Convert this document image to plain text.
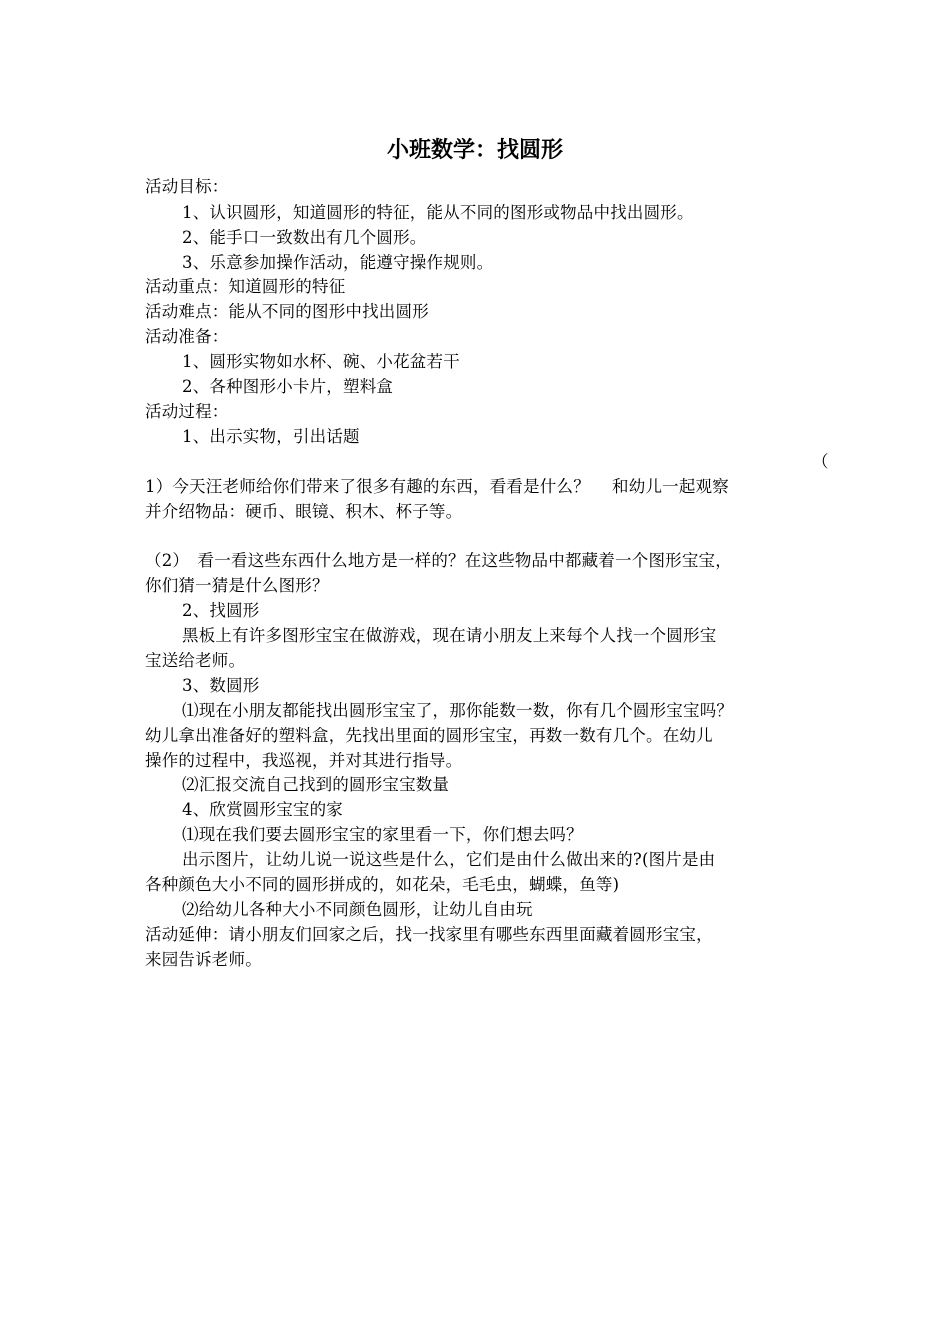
小班数学：找圆形
活动目标：
1、认识圆形，知道圆形的特征，能从不同的图形或物品中找出圆形。
2、能手口一致数出有几个圆形。
3、乐意参加操作活动，能遵守操作规则。
活动重点：知道圆形的特征
活动难点：能从不同的图形中找出圆形
活动准备：
1、圆形实物如水杯、碗、小花盆若干
2、各种图形小卡片，塑料盒
活动过程：
1、出示实物，引出话题
（
1）今天汪老师给你们带来了很多有趣的东西，看看是什么？　 和幼儿一起观察
并介绍物品：硬币、眼镜、积木、杯子等。
（2）　看一看这些东西什么地方是一样的？在这些物品中都藏着一个图形宝宝，
你们猜一猜是什么图形？
2、找圆形
黑板上有许多图形宝宝在做游戏，现在请小朋友上来每个人找一个圆形宝
宝送给老师。
3、数圆形
⑴现在小朋友都能找出圆形宝宝了，那你能数一数，你有几个圆形宝宝吗？
幼儿拿出准备好的塑料盒，先找出里面的圆形宝宝，再数一数有几个。在幼儿
操作的过程中，我巡视，并对其进行指导。
⑵汇报交流自己找到的圆形宝宝数量
4、欣赏圆形宝宝的家
⑴现在我们要去圆形宝宝的家里看一下，你们想去吗？
出示图片，让幼儿说一说这些是什么，它们是由什么做出来的?(图片是由
各种颜色大小不同的圆形拼成的，如花朵，毛毛虫，蝴蝶，鱼等)
⑵给幼儿各种大小不同颜色圆形，让幼儿自由玩
活动延伸：请小朋友们回家之后，找一找家里有哪些东西里面藏着圆形宝宝，
来园告诉老师。
